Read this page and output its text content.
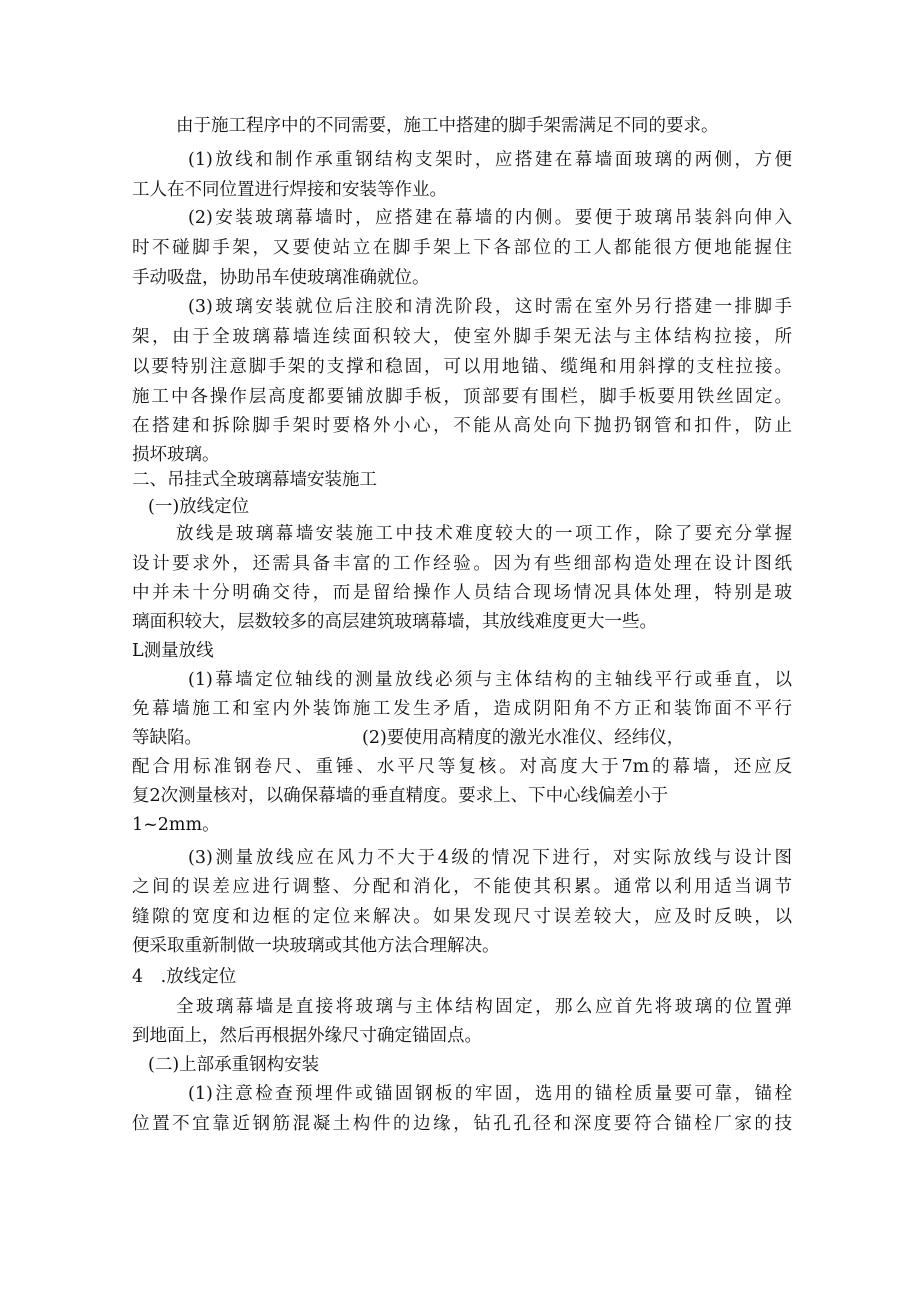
由于施工程序中的不同需要，施工中搭建的脚手架需满足不同的要求。
(1)放线和制作承重钢结构支架时，应搭建在幕墙面玻璃的两侧，方便
工人在不同位置进行焊接和安装等作业。
(2)安装玻璃幕墙时，应搭建在幕墙的内侧。要便于玻璃吊装斜向伸入
时不碰脚手架，又要使站立在脚手架上下各部位的工人都能很方便地能握住
手动吸盘，协助吊车使玻璃准确就位。
(3)玻璃安装就位后注胶和清洗阶段，这时需在室外另行搭建一排脚手
架，由于全玻璃幕墙连续面积较大，使室外脚手架无法与主体结构拉接，所
以要特别注意脚手架的支撑和稳固，可以用地锚、缆绳和用斜撑的支柱拉接。
施工中各操作层高度都要铺放脚手板，顶部要有围栏，脚手板要用铁丝固定。
在搭建和拆除脚手架时要格外小心，不能从高处向下抛扔钢管和扣件，防止
损坏玻璃。
二、吊挂式全玻璃幕墙安装施工
(一)放线定位
放线是玻璃幕墙安装施工中技术难度较大的一项工作，除了要充分掌握
设计要求外，还需具备丰富的工作经验。因为有些细部构造处理在设计图纸
中并未十分明确交待，而是留给操作人员结合现场情况具体处理，特别是玻
璃面积较大，层数较多的高层建筑玻璃幕墙，其放线难度更大一些。
L测量放线
(1)幕墙定位轴线的测量放线必须与主体结构的主轴线平行或垂直，以
免幕墙施工和室内外装饰施工发生矛盾，造成阴阳角不方正和装饰面不平行
等缺陷。	(2)要使用高精度的激光水准仪、经纬仪，
配合用标准钢卷尺、重锤、水平尺等复核。对高度大于7m的幕墙，还应反
复2次测量核对，以确保幕墙的垂直精度。要求上、下中心线偏差小于
1~2mm。
(3)测量放线应在风力不大于4级的情况下进行，对实际放线与设计图
之间的误差应进行调整、分配和消化，不能使其积累。通常以利用适当调节
缝隙的宽度和边框的定位来解决。如果发现尺寸误差较大，应及时反映，以
便采取重新制做一块玻璃或其他方法合理解决。
4　.放线定位
全玻璃幕墙是直接将玻璃与主体结构固定，那么应首先将玻璃的位置弹
到地面上，然后再根据外缘尺寸确定锚固点。
(二)上部承重钢构安装
(1)注意检查预埋件或锚固钢板的牢固，选用的锚栓质量要可靠，锚栓
位置不宜靠近钢筋混凝土构件的边缘，钻孔孔径和深度要符合锚栓厂家的技
